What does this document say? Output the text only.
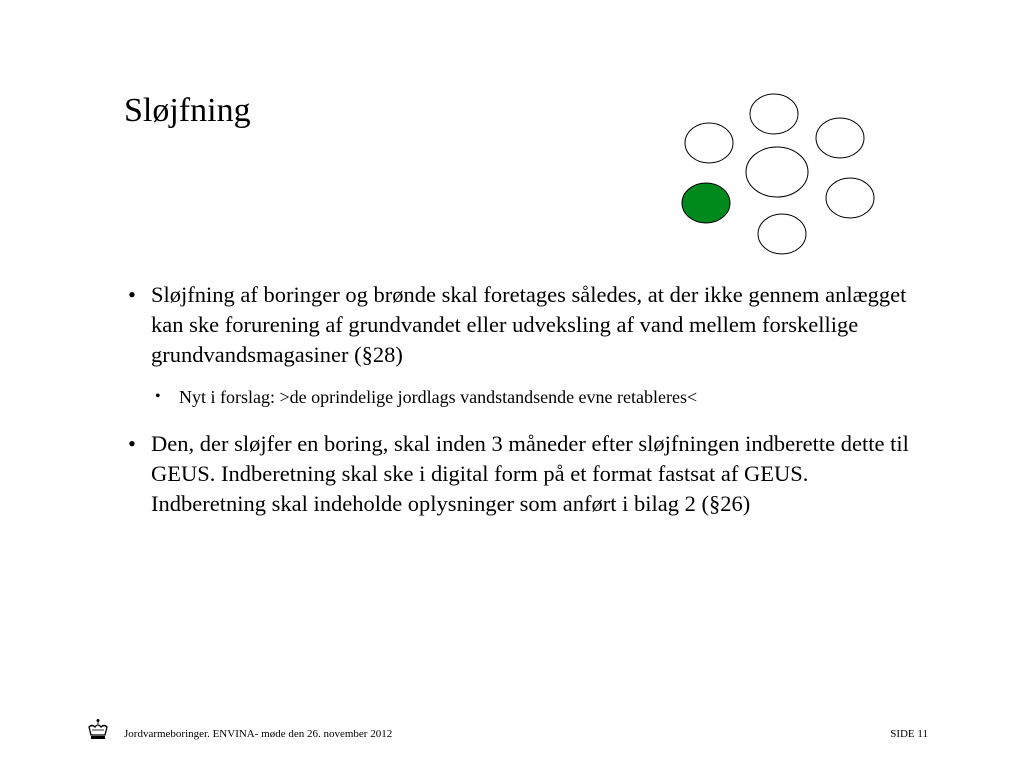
Sløjfning
• Sløjfning af boringer og brønde skal foretages således, at der ikke gennem anlægget kan ske forurening af grundvandet eller udveksling af vand mellem forskellige grundvandsmagasiner (§28)
• Nyt i forslag: >de oprindelige jordlags vandstandsende evne retableres<
• Den, der sløjfer en boring, skal inden 3 måneder efter sløjfningen indberette dette til GEUS. Indberetning skal ske i digital form på et format fastsat af GEUS. Indberetning skal indeholde oplysninger som anført i bilag 2 (§26)
Jordvarmeboringer. ENVINA- møde den 26. november 2012	SIDE 11
